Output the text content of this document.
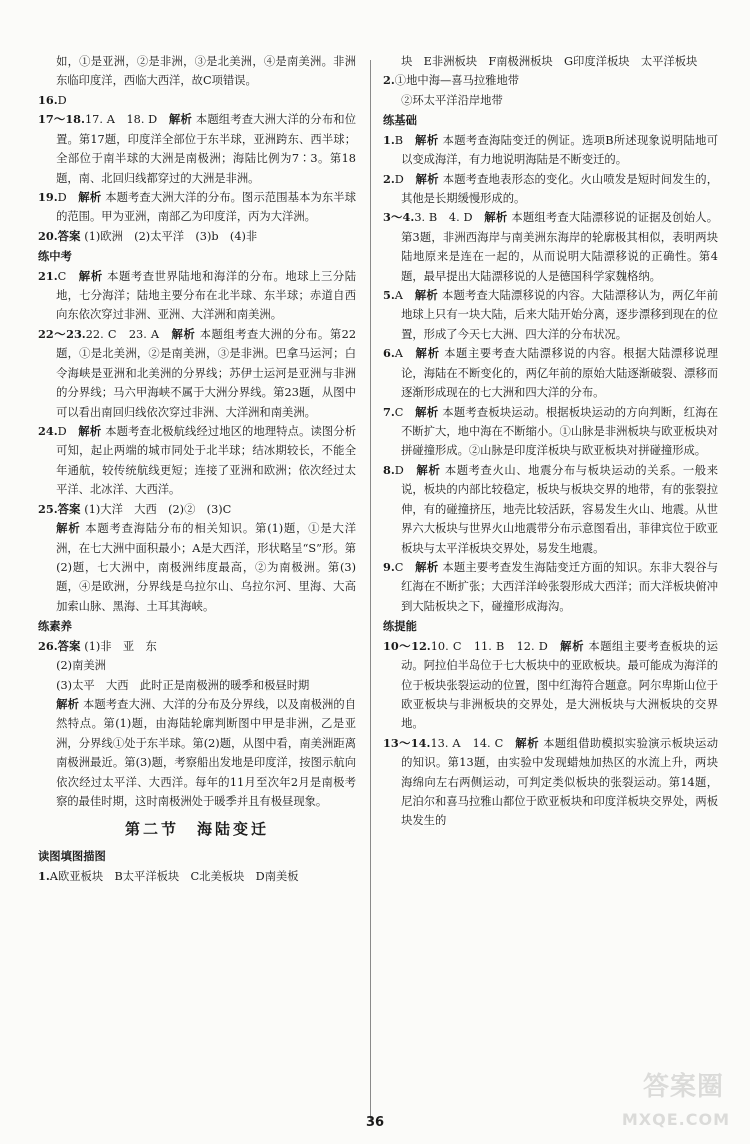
如，①是亚洲，②是非洲，③是北美洲，④是南美洲。非洲东临印度洋，西临大西洋，故C项错误。

16.D

17～18.17. A　18. D　解析 本题组考查大洲大洋的分布和位置。第17题，印度洋全部位于东半球，亚洲跨东、西半球；全部位于南半球的大洲是南极洲；海陆比例为7∶3。第18题，南、北回归线都穿过的大洲是非洲。

19.D　解析 本题考查大洲大洋的分布。图示范围基本为东半球的范围。甲为亚洲，南部乙为印度洋，丙为大洋洲。

20.答案 (1)欧洲　(2)太平洋　(3)b　(4)非

练中考

21.C　解析 本题考查世界陆地和海洋的分布。地球上三分陆地，七分海洋；陆地主要分布在北半球、东半球；赤道自西向东依次穿过非洲、亚洲、大洋洲和南美洲。

22～23.22. C　23. A　解析 本题组考查大洲的分布。第22题，①是北美洲，②是南美洲，③是非洲。巴拿马运河；白令海峡是亚洲和北美洲的分界线；苏伊士运河是亚洲与非洲的分界线；马六甲海峡不属于大洲分界线。第23题，从图中可以看出南回归线依次穿过非洲、大洋洲和南美洲。

24.D　解析 本题考查北极航线经过地区的地理特点。读图分析可知，起止两端的城市同处于北半球；结冰期较长，不能全年通航，较传统航线更短；连接了亚洲和欧洲；依次经过太平洋、北冰洋、大西洋。

25.答案 (1)大洋　大西　(2)②　(3)C

解析 本题考查海陆分布的相关知识。第(1)题，①是大洋洲，在七大洲中面积最小；A是大西洋，形状略呈“S”形。第(2)题，七大洲中，南极洲纬度最高，②为南极洲。第(3)题，④是欧洲，分界线是乌拉尔山、乌拉尔河、里海、大高加索山脉、黑海、土耳其海峡。

练素养

26.答案 (1)非　亚　东

(2)南美洲

(3)太平　大西　此时正是南极洲的暖季和极昼时期

解析 本题考查大洲、大洋的分布及分界线，以及南极洲的自然特点。第(1)题，由海陆轮廓判断图中甲是非洲，乙是亚洲，分界线①处于东半球。第(2)题，从图中看，南美洲距离南极洲最近。第(3)题，考察船出发地是印度洋，按图示航向依次经过太平洋、大西洋。每年的11月至次年2月是南极考察的最佳时期，这时南极洲处于暖季并且有极昼现象。

第二节　海陆变迁
读图填图描图

1.A欧亚板块　B太平洋板块　C北美板块　D南美板

块　E非洲板块　F南极洲板块　G印度洋板块　太平洋板块

2.①地中海—喜马拉雅地带

②环太平洋沿岸地带

练基础

1.B　解析 本题考查海陆变迁的例证。选项B所述现象说明陆地可以变成海洋，有力地说明海陆是不断变迁的。

2.D　解析 本题考查地表形态的变化。火山喷发是短时间发生的，其他是长期缓慢形成的。

3～4.3. B　4. D　解析 本题组考查大陆漂移说的证据及创始人。第3题，非洲西海岸与南美洲东海岸的轮廓极其相似，表明两块陆地原来是连在一起的，从而说明大陆漂移说的正确性。第4题，最早提出大陆漂移说的人是德国科学家魏格纳。

5.A　解析 本题考查大陆漂移说的内容。大陆漂移认为，两亿年前地球上只有一块大陆，后来大陆开始分离，逐步漂移到现在的位置，形成了今天七大洲、四大洋的分布状况。

6.A　解析 本题主要考查大陆漂移说的内容。根据大陆漂移说理论，海陆在不断变化的，两亿年前的原始大陆逐渐破裂、漂移而逐渐形成现在的七大洲和四大洋的分布。

7.C　解析 本题考查板块运动。根据板块运动的方向判断，红海在不断扩大，地中海在不断缩小。①山脉是非洲板块与欧亚板块对拼碰撞形成。②山脉是印度洋板块与欧亚板块对拼碰撞形成。

8.D　解析 本题考查火山、地震分布与板块运动的关系。一般来说，板块的内部比较稳定，板块与板块交界的地带，有的张裂拉伸，有的碰撞挤压，地壳比较活跃，容易发生火山、地震。从世界六大板块与世界火山地震带分布示意图看出，菲律宾位于欧亚板块与太平洋板块交界处，易发生地震。

9.C　解析 本题主要考查发生海陆变迁方面的知识。东非大裂谷与红海在不断扩张；大西洋洋岭张裂形成大西洋；而大洋板块俯冲到大陆板块之下，碰撞形成海沟。

练提能

10～12.10. C　11. B　12. D　解析 本题组主要考查板块的运动。阿拉伯半岛位于七大板块中的亚欧板块。最可能成为海洋的位于板块张裂运动的位置，图中红海符合题意。阿尔卑斯山位于欧亚板块与非洲板块的交界处，是大洲板块与大洲板块的交界地。

13～14.13. A　14. C　解析 本题组借助模拟实验演示板块运动的知识。第13题，由实验中发现蜡烛加热区的水流上升，两块海绵向左右两侧运动，可判定类似板块的张裂运动。第14题，尼泊尔和喜马拉雅山都位于欧亚板块和印度洋板块交界处，两板块发生的

36
答案圈
MXQE.COM
